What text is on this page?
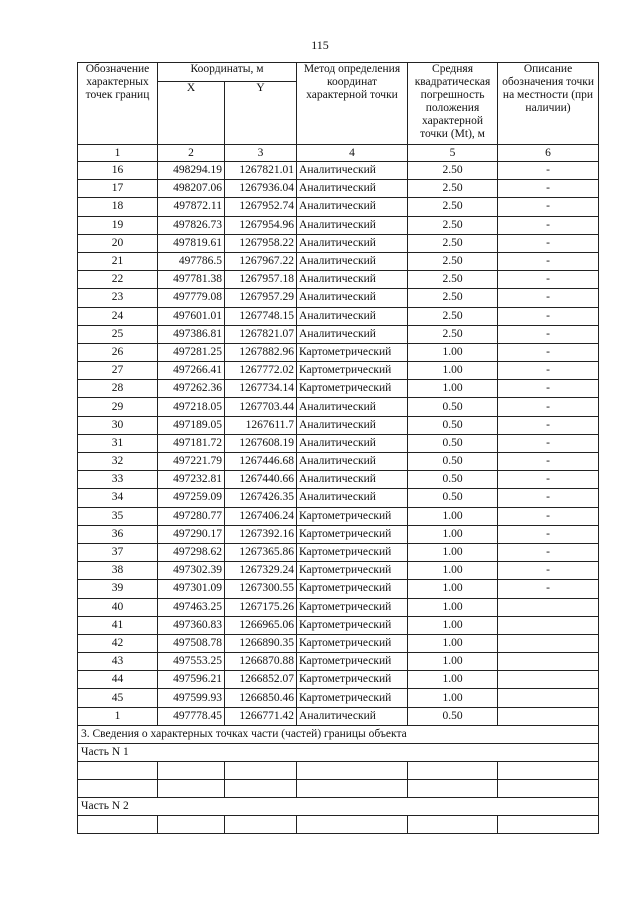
115
Обозначение характерных точек границ	Координаты, м		Метод определения координат характерной точки	Средняя квадратическая погрешность положения характерной точки (Mt), м	Описание обозначения точки на местности (при наличии)
	X	Y			
1	2	3	4	5	6
16	498294.19	1267821.01	Аналитический	2.50	-
17	498207.06	1267936.04	Аналитический	2.50	-
18	497872.11	1267952.74	Аналитический	2.50	-
19	497826.73	1267954.96	Аналитический	2.50	-
20	497819.61	1267958.22	Аналитический	2.50	-
21	497786.5	1267967.22	Аналитический	2.50	-
22	497781.38	1267957.18	Аналитический	2.50	-
23	497779.08	1267957.29	Аналитический	2.50	-
24	497601.01	1267748.15	Аналитический	2.50	-
25	497386.81	1267821.07	Аналитический	2.50	-
26	497281.25	1267882.96	Картометрический	1.00	-
27	497266.41	1267772.02	Картометрический	1.00	-
28	497262.36	1267734.14	Картометрический	1.00	-
29	497218.05	1267703.44	Аналитический	0.50	-
30	497189.05	1267611.7	Аналитический	0.50	-
31	497181.72	1267608.19	Аналитический	0.50	-
32	497221.79	1267446.68	Аналитический	0.50	-
33	497232.81	1267440.66	Аналитический	0.50	-
34	497259.09	1267426.35	Аналитический	0.50	-
35	497280.77	1267406.24	Картометрический	1.00	-
36	497290.17	1267392.16	Картометрический	1.00	-
37	497298.62	1267365.86	Картометрический	1.00	-
38	497302.39	1267329.24	Картометрический	1.00	-
39	497301.09	1267300.55	Картометрический	1.00	-
40	497463.25	1267175.26	Картометрический	1.00	
41	497360.83	1266965.06	Картометрический	1.00	
42	497508.78	1266890.35	Картометрический	1.00	
43	497553.25	1266870.88	Картометрический	1.00	
44	497596.21	1266852.07	Картометрический	1.00	
45	497599.93	1266850.46	Картометрический	1.00	
1	497778.45	1266771.42	Аналитический	0.50	
3. Сведения о характерных точках части (частей) границы объекта					
Часть N 1					

Часть N 2					
